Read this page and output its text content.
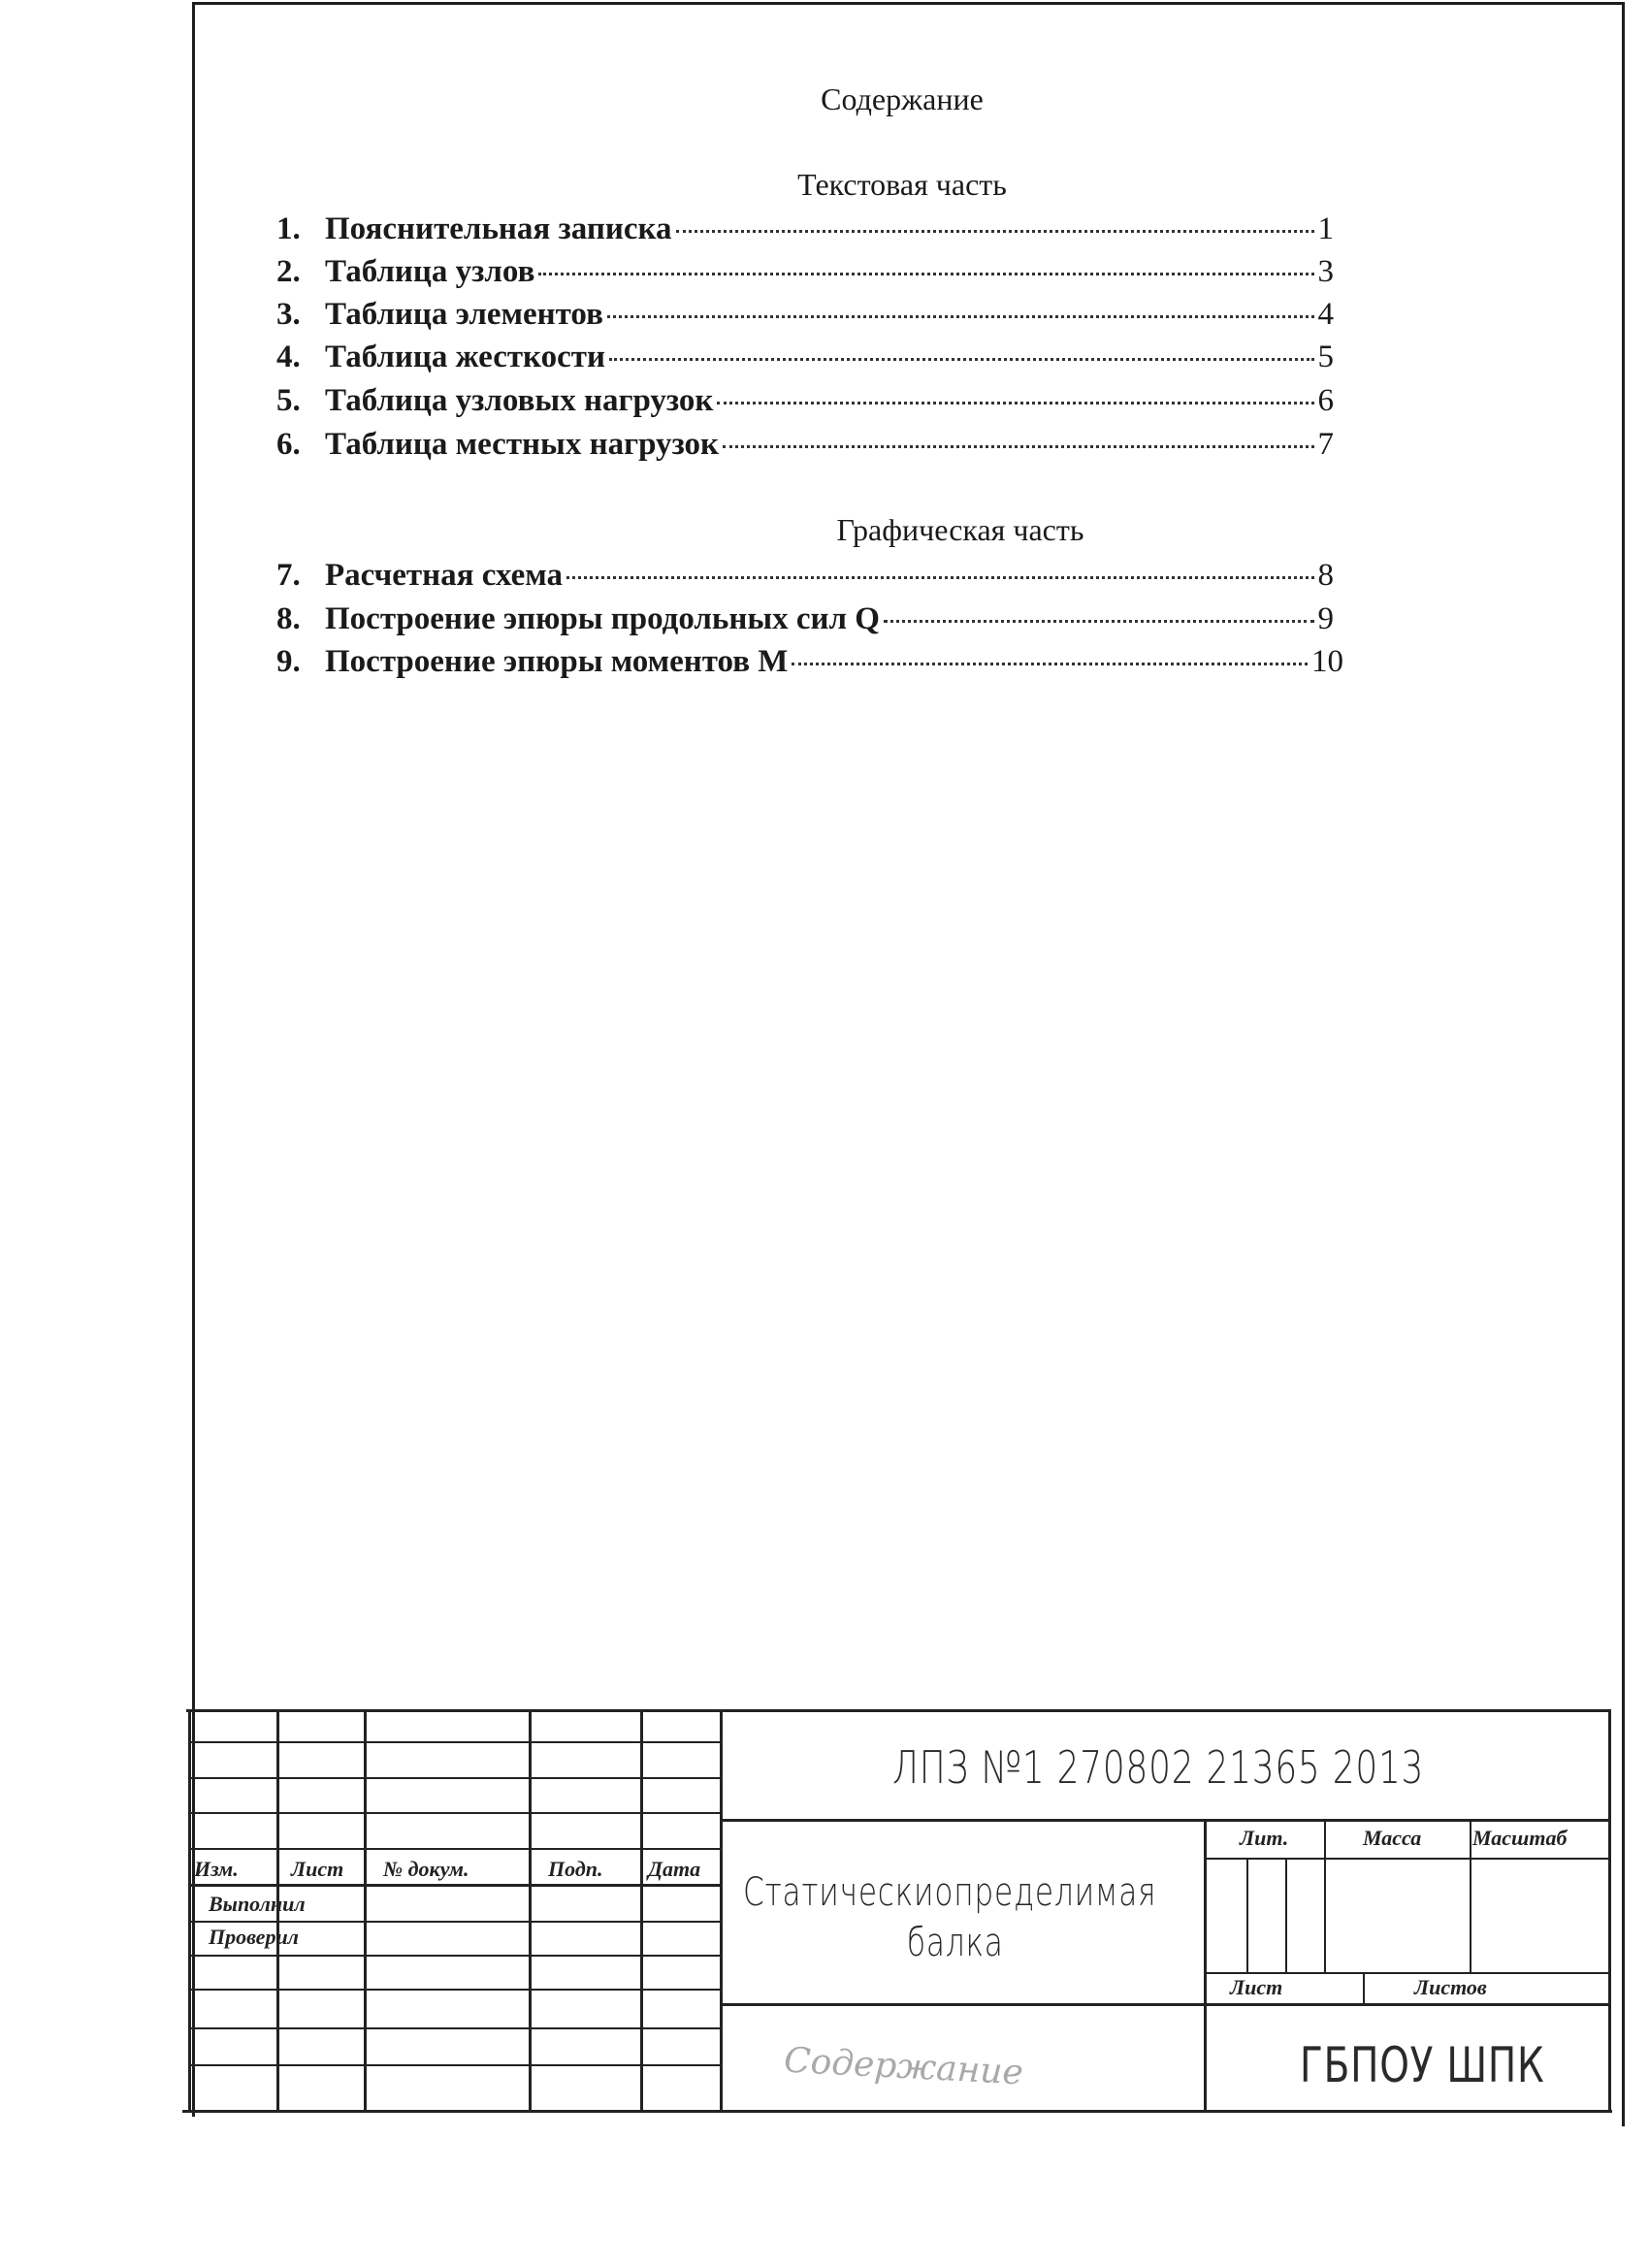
Содержание
Текстовая часть
1. Пояснительная записка	1
2. Таблица узлов	3
3. Таблица элементов	4
4. Таблица жесткости	5
5. Таблица узловых нагрузок	6
6. Таблица местных нагрузок	7
Графическая часть
7. Расчетная схема	8
8. Построение эпюры продольных сил Q	9
9. Построение эпюры моментов М	10
Изм. Лист № докум.	Подп. Дата
Выполнил
Проверил
Лит.	Масса Масштаб
Лист	Листов
ЛПЗ №1 270802 21365 2013
Статическиопределимая
балка
Содержание	ГБПОУ ШПК
